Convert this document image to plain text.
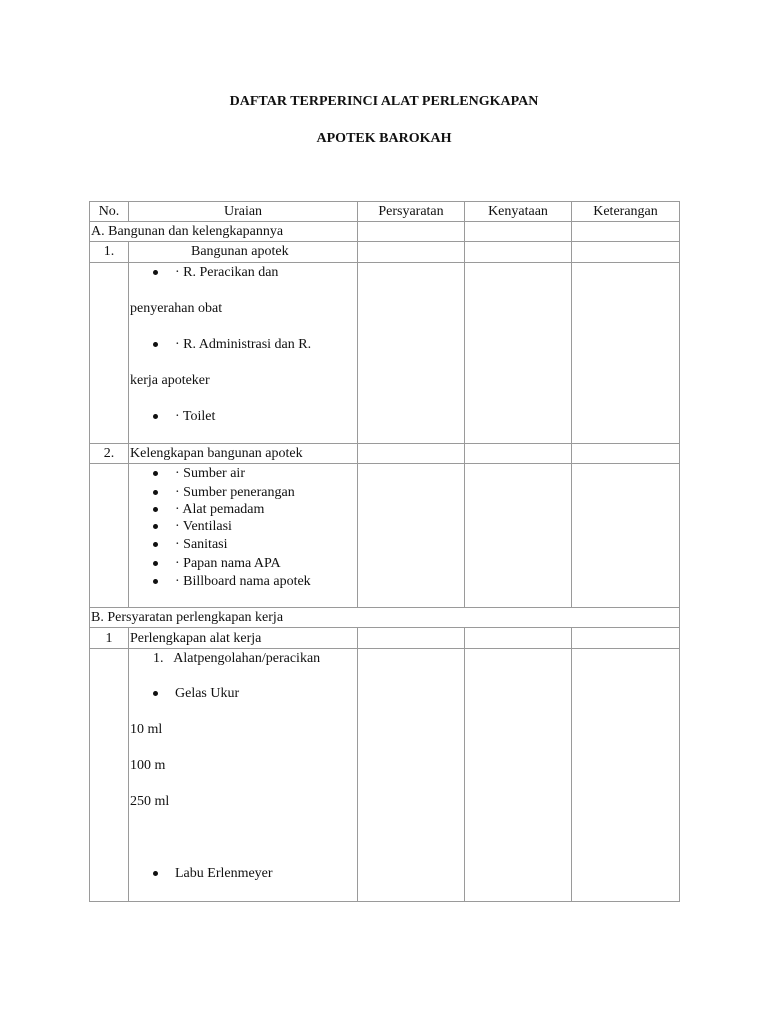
DAFTAR TERPERINCI ALAT PERLENGKAPAN
APOTEK BAROKAH
No.	Uraian	Persyaratan	Kenyataan	Keterangan
A. Bangunan dan kelengkapannya
1.	Bangunan apotek
· R. Peracikan dan
penyerahan obat
· R. Administrasi dan R.
kerja apoteker
· Toilet
2.	Kelengkapan bangunan apotek
· Sumber air
· Sumber penerangan
· Alat pemadam
· Ventilasi
· Sanitasi
· Papan nama APA
· Billboard nama apotek
B. Persyaratan perlengkapan kerja
1	Perlengkapan alat kerja
1.   Alatpengolahan/peracikan
Gelas Ukur
10 ml
100 m
250 ml
Labu Erlenmeyer
